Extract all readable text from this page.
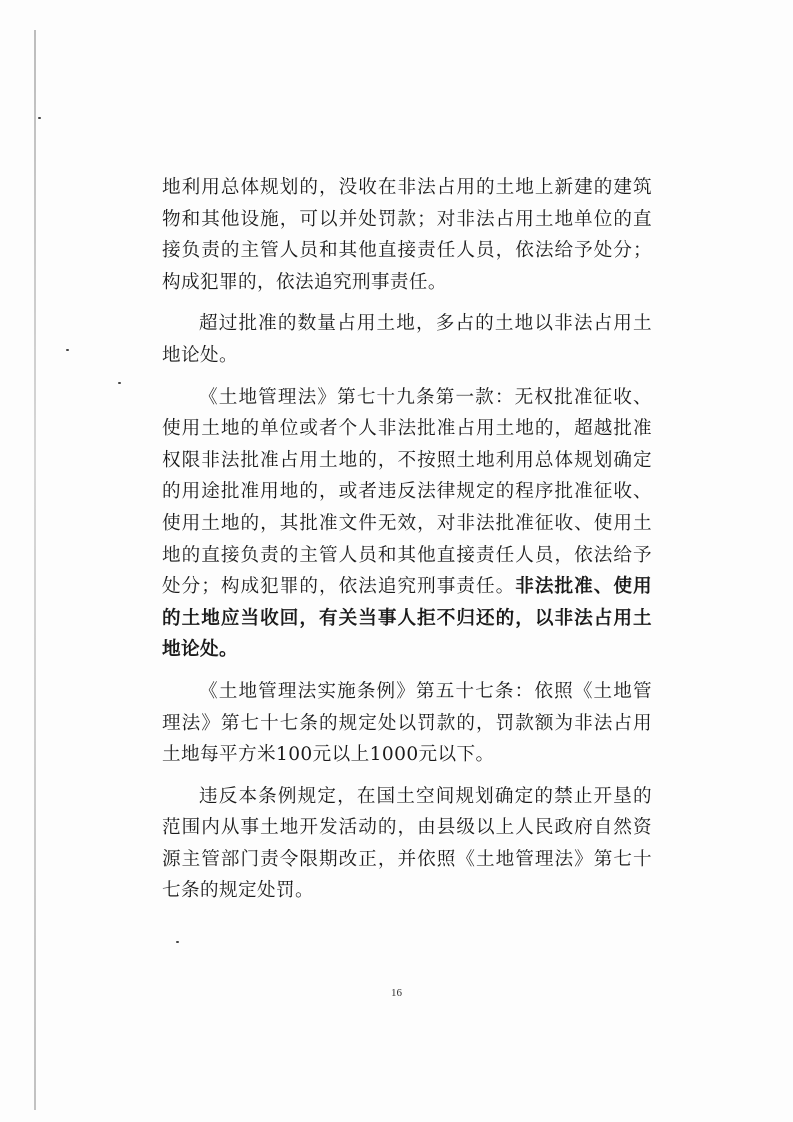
地利用总体规划的，没收在非法占用的土地上新建的建筑物和其他设施，可以并处罚款；对非法占用土地单位的直接负责的主管人员和其他直接责任人员，依法给予处分；构成犯罪的，依法追究刑事责任。

超过批准的数量占用土地，多占的土地以非法占用土地论处。

《土地管理法》第七十九条第一款：无权批准征收、使用土地的单位或者个人非法批准占用土地的，超越批准权限非法批准占用土地的，不按照土地利用总体规划确定的用途批准用地的，或者违反法律规定的程序批准征收、使用土地的，其批准文件无效，对非法批准征收、使用土地的直接负责的主管人员和其他直接责任人员，依法给予处分；构成犯罪的，依法追究刑事责任。非法批准、使用的土地应当收回，有关当事人拒不归还的，以非法占用土地论处。

《土地管理法实施条例》第五十七条：依照《土地管理法》第七十七条的规定处以罚款的，罚款额为非法占用土地每平方米100元以上1000元以下。

违反本条例规定，在国土空间规划确定的禁止开垦的范围内从事土地开发活动的，由县级以上人民政府自然资源主管部门责令限期改正，并依照《土地管理法》第七十七条的规定处罚。

16
